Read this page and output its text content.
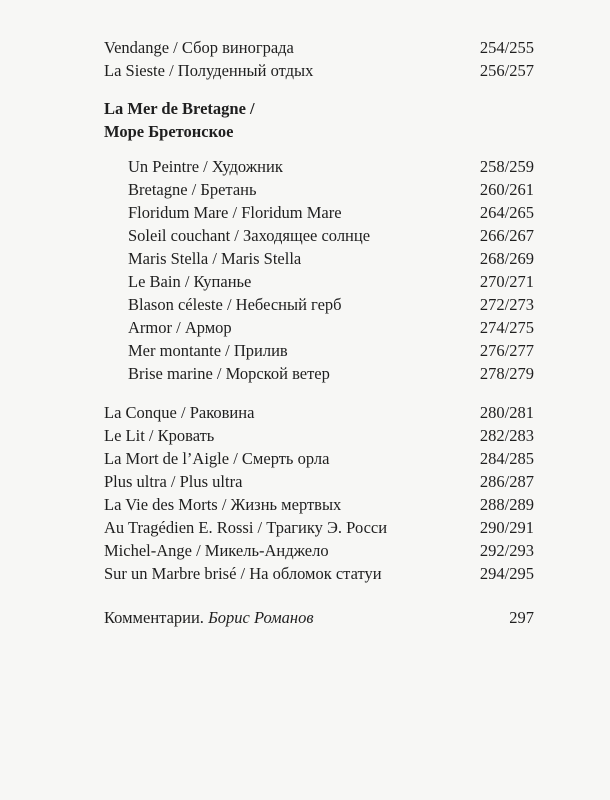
Vendange / Сбор винограда	254/255
La Sieste / Полуденный отдых	256/257
La Mer de Bretagne /
Море Бретонское
Un Peintre / Художник	258/259
Bretagne / Бретань	260/261
Floridum Mare / Floridum Mare	264/265
Soleil couchant / Заходящее солнце	266/267
Maris Stella / Maris Stella	268/269
Le Bain / Купанье	270/271
Blason céleste / Небесный герб	272/273
Armor / Армор	274/275
Mer montante / Прилив	276/277
Brise marine / Морской ветер	278/279
La Conque / Раковина	280/281
Le Lit / Кровать	282/283
La Mort de l’Aigle / Смерть орла	284/285
Plus ultra / Plus ultra	286/287
La Vie des Morts / Жизнь мертвых	288/289
Au Tragédien E. Rossi / Трагику Э. Росси	290/291
Michel-Ange / Микель-Анджело	292/293
Sur un Marbre brisé / На обломок статуи	294/295
Комментарии. Борис Романов	297
